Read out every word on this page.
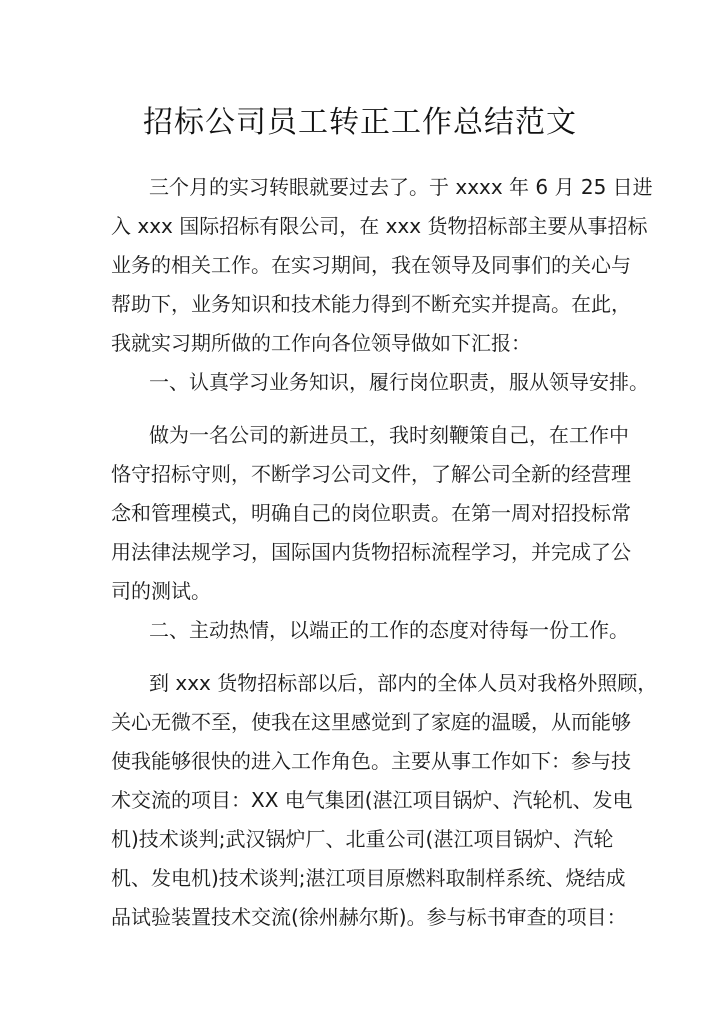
招标公司员工转正工作总结范文
三个月的实习转眼就要过去了。于 xxxx 年 6 月 25 日进
入 xxx 国际招标有限公司，在 xxx 货物招标部主要从事招标
业务的相关工作。在实习期间，我在领导及同事们的关心与
帮助下，业务知识和技术能力得到不断充实并提高。在此，
我就实习期所做的工作向各位领导做如下汇报：
一、认真学习业务知识，履行岗位职责，服从领导安排。
做为一名公司的新进员工，我时刻鞭策自己，在工作中
恪守招标守则，不断学习公司文件，了解公司全新的经营理
念和管理模式，明确自己的岗位职责。在第一周对招投标常
用法律法规学习，国际国内货物招标流程学习，并完成了公
司的测试。
二、主动热情，以端正的工作的态度对待每一份工作。
到 xxx 货物招标部以后，部内的全体人员对我格外照顾，
关心无微不至，使我在这里感觉到了家庭的温暖，从而能够
使我能够很快的进入工作角色。主要从事工作如下：参与技
术交流的项目：XX 电气集团(湛江项目锅炉、汽轮机、发电
机)技术谈判;武汉锅炉厂、北重公司(湛江项目锅炉、汽轮
机、发电机)技术谈判;湛江项目原燃料取制样系统、烧结成
品试验装置技术交流(徐州赫尔斯)。参与标书审查的项目：
